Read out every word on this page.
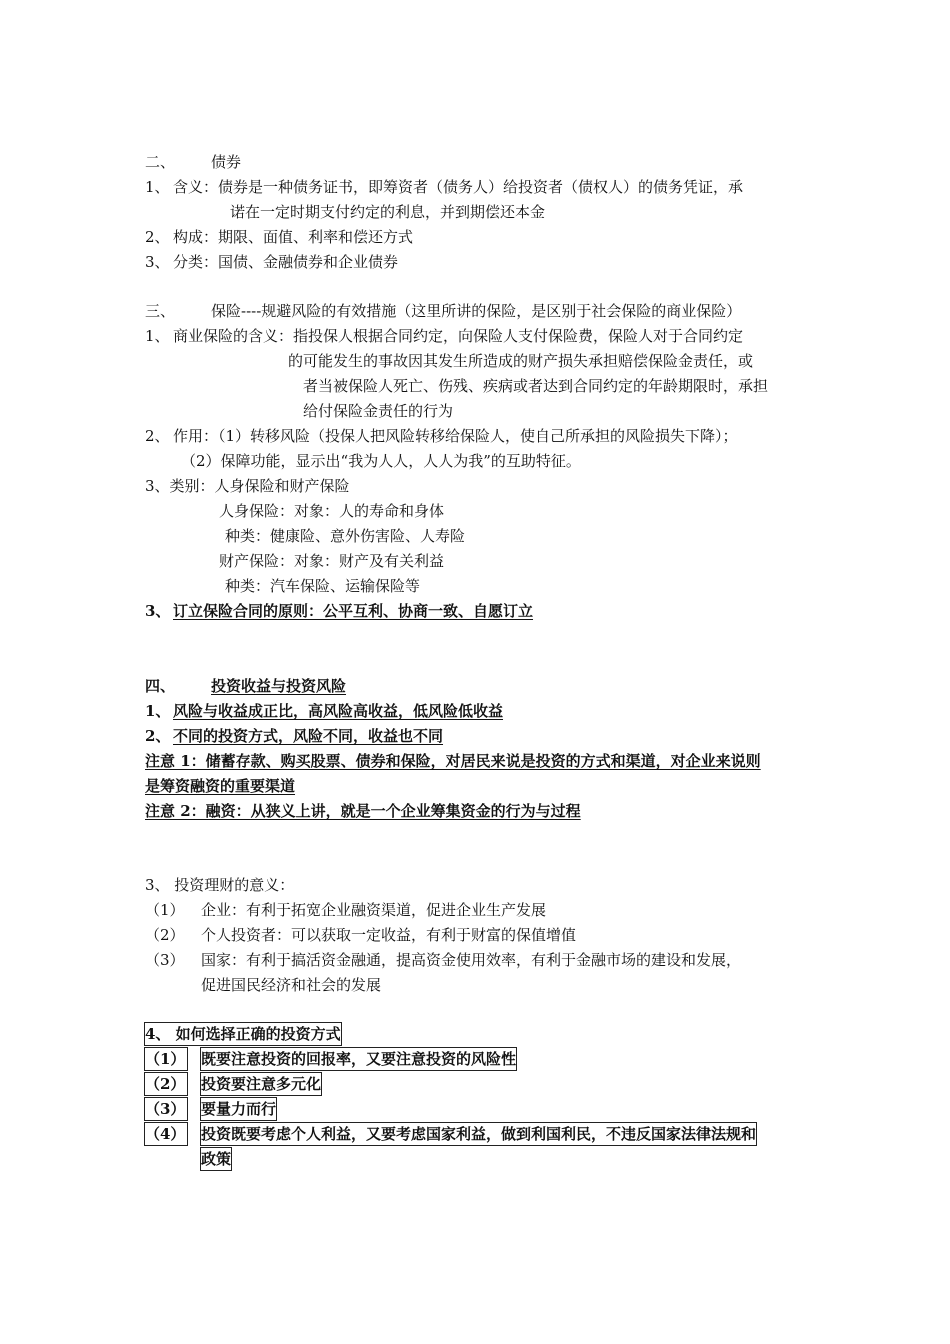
二、 债券
1、 含义：债券是一种债务证书，即筹资者（债务人）给投资者（债权人）的债务凭证，承
诺在一定时期支付约定的利息，并到期偿还本金
2、 构成：期限、面值、利率和偿还方式
3、 分类：国债、金融债券和企业债券
三、 保险----规避风险的有效措施（这里所讲的保险，是区别于社会保险的商业保险）
1、 商业保险的含义：指投保人根据合同约定，向保险人支付保险费，保险人对于合同约定
的可能发生的事故因其发生所造成的财产损失承担赔偿保险金责任，或
者当被保险人死亡、伤残、疾病或者达到合同约定的年龄期限时，承担
给付保险金责任的行为
2、 作用：（1）转移风险（投保人把风险转移给保险人，使自己所承担的风险损失下降）；
（2）保障功能，显示出“我为人人，人人为我”的互助特征。
3、类别：人身保险和财产保险
人身保险：对象：人的寿命和身体
种类：健康险、意外伤害险、人寿险
财产保险：对象：财产及有关利益
种类：汽车保险、运输保险等
3、 订立保险合同的原则：公平互利、协商一致、自愿订立
四、 投资收益与投资风险
1、 风险与收益成正比，高风险高收益，低风险低收益
2、 不同的投资方式，风险不同，收益也不同
注意 1：储蓄存款、购买股票、债券和保险，对居民来说是投资的方式和渠道，对企业来说则
是筹资融资的重要渠道
注意 2：融资：从狭义上讲，就是一个企业筹集资金的行为与过程
3、 投资理财的意义：
（1） 企业：有利于拓宽企业融资渠道，促进企业生产发展
（2） 个人投资者：可以获取一定收益，有利于财富的保值增值
（3） 国家：有利于搞活资金融通，提高资金使用效率，有利于金融市场的建设和发展，
促进国民经济和社会的发展
4、 如何选择正确的投资方式
（1） 既要注意投资的回报率，又要注意投资的风险性
（2） 投资要注意多元化
（3） 要量力而行
（4） 投资既要考虑个人利益，又要考虑国家利益，做到利国利民，不违反国家法律法规和
政策
